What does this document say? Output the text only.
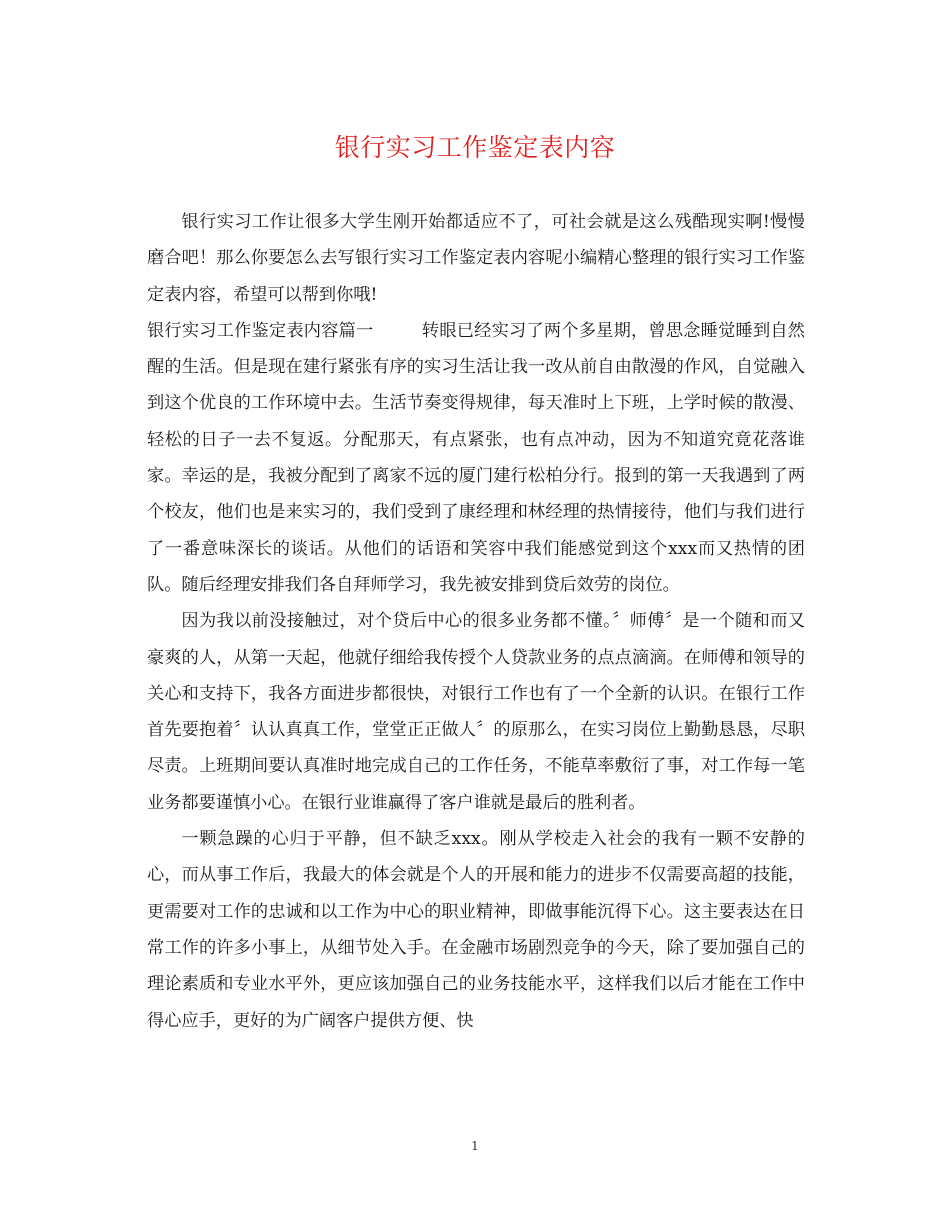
银行实习工作鉴定表内容

银行实习工作让很多大学生刚开始都适应不了，可社会就是这么残酷现实啊!慢慢磨合吧！那么你要怎么去写银行实习工作鉴定表内容呢小编精心整理的银行实习工作鉴定表内容，希望可以帮到你哦!

银行实习工作鉴定表内容篇一	转眼已经实习了两个多星期，曾思念睡觉睡到自然醒的生活。但是现在建行紧张有序的实习生活让我一改从前自由散漫的作风，自觉融入到这个优良的工作环境中去。生活节奏变得规律，每天准时上下班，上学时候的散漫、轻松的日子一去不复返。分配那天，有点紧张，也有点冲动，因为不知道究竟花落谁家。幸运的是，我被分配到了离家不远的厦门建行松柏分行。报到的第一天我遇到了两个校友，他们也是来实习的，我们受到了康经理和林经理的热情接待，他们与我们进行了一番意味深长的谈话。从他们的话语和笑容中我们能感觉到这个xxx而又热情的团队。随后经理安排我们各自拜师学习，我先被安排到贷后效劳的岗位。

因为我以前没接触过，对个贷后中心的很多业务都不懂。〞师傅〞是一个随和而又豪爽的人，从第一天起，他就仔细给我传授个人贷款业务的点点滴滴。在师傅和领导的关心和支持下，我各方面进步都很快，对银行工作也有了一个全新的认识。在银行工作首先要抱着〞认认真真工作，堂堂正正做人〞的原那么，在实习岗位上勤勤恳恳，尽职尽责。上班期间要认真准时地完成自己的工作任务，不能草率敷衍了事，对工作每一笔业务都要谨慎小心。在银行业谁赢得了客户谁就是最后的胜利者。

一颗急躁的心归于平静，但不缺乏xxx。刚从学校走入社会的我有一颗不安静的心，而从事工作后，我最大的体会就是个人的开展和能力的进步不仅需要高超的技能，更需要对工作的忠诚和以工作为中心的职业精神，即做事能沉得下心。这主要表达在日常工作的许多小事上，从细节处入手。在金融市场剧烈竞争的今天，除了要加强自己的理论素质和专业水平外，更应该加强自己的业务技能水平，这样我们以后才能在工作中得心应手，更好的为广阔客户提供方便、快

1
